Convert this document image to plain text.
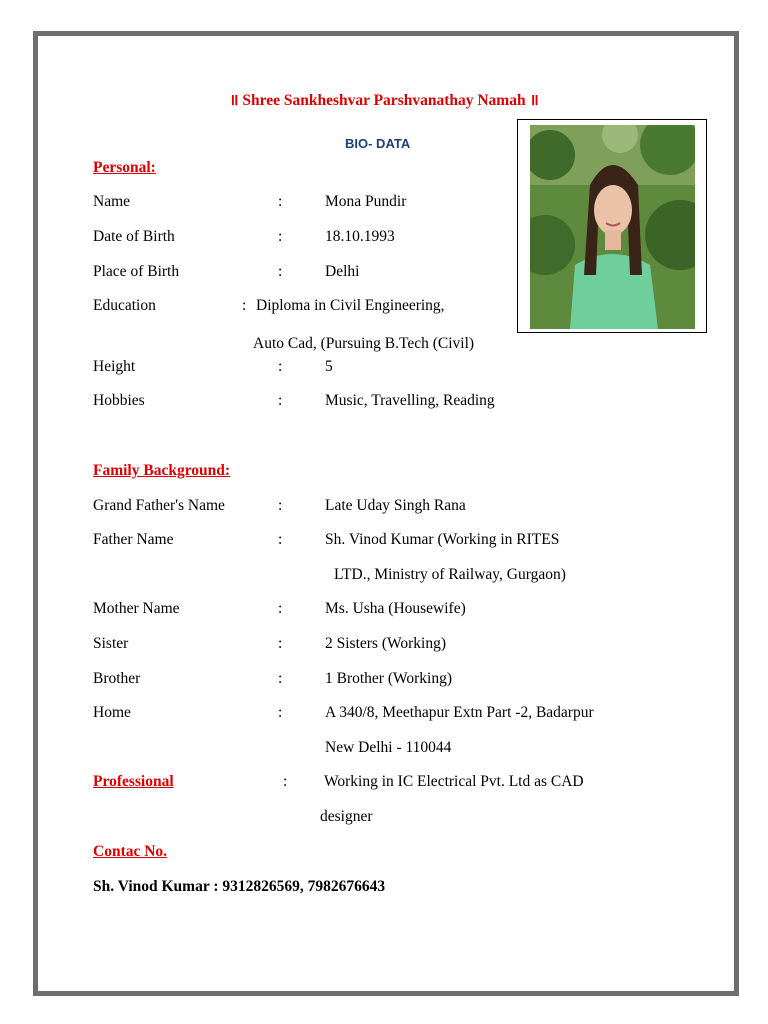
॥ Shree Sankheshvar Parshvanathay Namah ॥
BIO- DATA
Personal:
Name	:	Mona Pundir
Date of Birth	:	18.10.1993
Place of Birth	:	Delhi
Education	: Diploma in Civil Engineering,
Auto Cad, (Pursuing B.Tech (Civil)
Height	:	5
Hobbies	:	Music, Travelling, Reading
Family Background:
Grand Father's Name	:	Late Uday Singh Rana
Father Name	:	Sh. Vinod Kumar (Working in RITES
LTD., Ministry of Railway, Gurgaon)
Mother Name	:	Ms. Usha (Housewife)
Sister	:	2 Sisters (Working)
Brother	:	1 Brother (Working)
Home	:	A 340/8, Meethapur Extn Part -2, Badarpur
New Delhi - 110044
Professional	: Working in IC Electrical Pvt. Ltd as CAD
designer
Contac No.
Sh. Vinod Kumar : 9312826569, 7982676643
